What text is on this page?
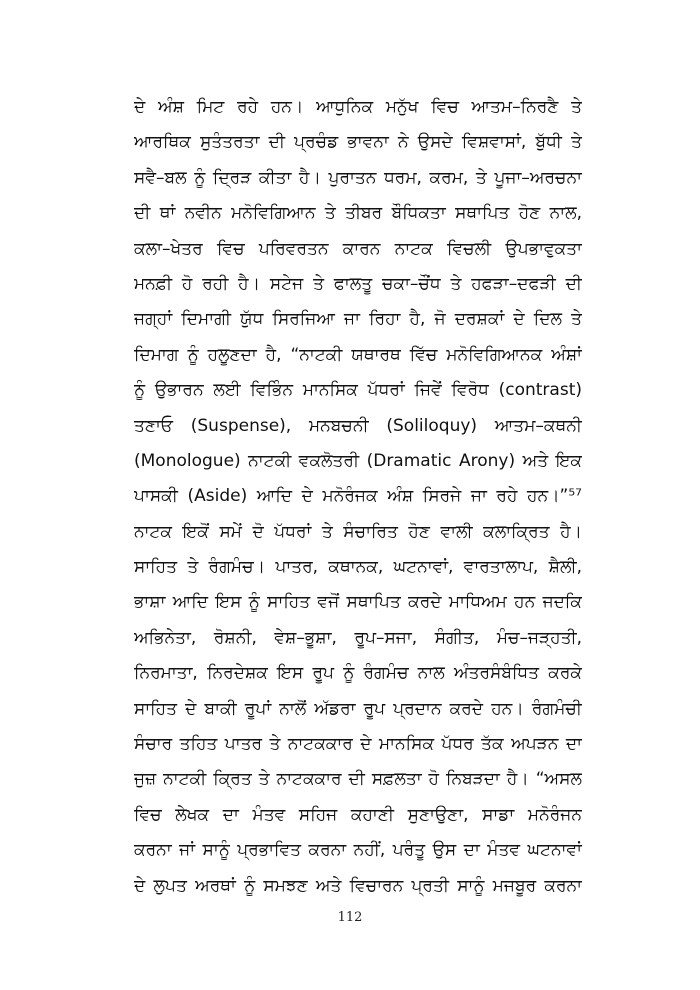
ਦੇ ਅੰਸ਼ ਮਿਟ ਰਹੇ ਹਨ। ਆਧੁਨਿਕ ਮਨੁੱਖ ਵਿਚ ਆਤਮ–ਨਿਰਣੈ ਤੇ
ਆਰਥਿਕ ਸੁਤੰਤਰਤਾ ਦੀ ਪ੍ਰਚੰਡ ਭਾਵਨਾ ਨੇ ਉਸਦੇ ਵਿਸ਼ਵਾਸਾਂ, ਬੁੱਧੀ ਤੇ
ਸਵੈ–ਬਲ ਨੂੰ ਦ੍ਰਿੜ ਕੀਤਾ ਹੈ। ਪੁਰਾਤਨ ਧਰਮ, ਕਰਮ, ਤੇ ਪੂਜਾ–ਅਰਚਨਾ
ਦੀ ਥਾਂ ਨਵੀਨ ਮਨੋਵਿਗਿਆਨ ਤੇ ਤੀਬਰ ਬੌਧਿਕਤਾ ਸਥਾਪਿਤ ਹੋਣ ਨਾਲ,
ਕਲਾ–ਖੇਤਰ ਵਿਚ ਪਰਿਵਰਤਨ ਕਾਰਨ ਨਾਟਕ ਵਿਚਲੀ ਉਪਭਾਵੁਕਤਾ
ਮਨਫ਼ੀ ਹੋ ਰਹੀ ਹੈ। ਸਟੇਜ ਤੇ ਫਾਲਤੂ ਚਕਾ–ਚੌਂਧ ਤੇ ਹਫੜਾ–ਦਫੜੀ ਦੀ
ਜਗ੍ਹਾਂ ਦਿਮਾਗੀ ਯੁੱਧ ਸਿਰਜਿਆ ਜਾ ਰਿਹਾ ਹੈ, ਜੋ ਦਰਸ਼ਕਾਂ ਦੇ ਦਿਲ ਤੇ
ਦਿਮਾਗ ਨੂੰ ਹਲੂਣਦਾ ਹੈ, “ਨਾਟਕੀ ਯਥਾਰਥ ਵਿੱਚ ਮਨੋਵਿਗਿਆਨਕ ਅੰਸ਼ਾਂ
ਨੂੰ ਉਭਾਰਨ ਲਈ ਵਿਭਿੰਨ ਮਾਨਸਿਕ ਪੱਧਰਾਂ ਜਿਵੇਂ ਵਿਰੋਧ (contrast)
ਤਣਾਓ (Suspense), ਮਨਬਚਨੀ (Soliloquy) ਆਤਮ–ਕਥਨੀ
(Monologue) ਨਾਟਕੀ ਵਕਲੋਤਰੀ (Dramatic Arony) ਅਤੇ ਇਕ
ਪਾਸਕੀ (Aside) ਆਦਿ ਦੇ ਮਨੋਰੰਜਕ ਅੰਸ਼ ਸਿਰਜੇ ਜਾ ਰਹੇ ਹਨ।”⁵⁷
ਨਾਟਕ ਇਕੋਂ ਸਮੇਂ ਦੋ ਪੱਧਰਾਂ ਤੇ ਸੰਚਾਰਿਤ ਹੋਣ ਵਾਲੀ ਕਲਾਕ੍ਰਿਤ ਹੈ।
ਸਾਹਿਤ ਤੇ ਰੰਗਮੰਚ। ਪਾਤਰ, ਕਥਾਨਕ, ਘਟਨਾਵਾਂ, ਵਾਰਤਾਲਾਪ, ਸ਼ੈਲੀ,
ਭਾਸ਼ਾ ਆਦਿ ਇਸ ਨੂੰ ਸਾਹਿਤ ਵਜੋਂ ਸਥਾਪਿਤ ਕਰਦੇ ਮਾਧਿਅਮ ਹਨ ਜਦਕਿ
ਅਭਿਨੇਤਾ, ਰੋਸ਼ਨੀ, ਵੇਸ਼–ਭੂਸ਼ਾ, ਰੂਪ–ਸਜਾ, ਸੰਗੀਤ, ਮੰਚ–ਜੜ੍ਹਤੀ,
ਨਿਰਮਾਤਾ, ਨਿਰਦੇਸ਼ਕ ਇਸ ਰੂਪ ਨੂੰ ਰੰਗਮੰਚ ਨਾਲ ਅੰਤਰਸੰਬੰਧਿਤ ਕਰਕੇ
ਸਾਹਿਤ ਦੇ ਬਾਕੀ ਰੂਪਾਂ ਨਾਲੋਂ ਅੱਡਰਾ ਰੂਪ ਪ੍ਰਦਾਨ ਕਰਦੇ ਹਨ। ਰੰਗਮੰਚੀ
ਸੰਚਾਰ ਤਹਿਤ ਪਾਤਰ ਤੇ ਨਾਟਕਕਾਰ ਦੇ ਮਾਨਸਿਕ ਪੱਧਰ ਤੱਕ ਅਪੜਨ ਦਾ
ਜੁਜ਼ ਨਾਟਕੀ ਕ੍ਰਿਤ ਤੇ ਨਾਟਕਕਾਰ ਦੀ ਸਫ਼ਲਤਾ ਹੋ ਨਿਬੜਦਾ ਹੈ। “ਅਸਲ
ਵਿਚ ਲੇਖਕ ਦਾ ਮੰਤਵ ਸਹਿਜ ਕਹਾਣੀ ਸੁਣਾਉਣਾ, ਸਾਡਾ ਮਨੋਰੰਜਨ
ਕਰਨਾ ਜਾਂ ਸਾਨੂੰ ਪ੍ਰਭਾਵਿਤ ਕਰਨਾ ਨਹੀਂ, ਪਰੰਤੂ ਉਸ ਦਾ ਮੰਤਵ ਘਟਨਾਵਾਂ
ਦੇ ਲੁਪਤ ਅਰਥਾਂ ਨੂੰ ਸਮਝਣ ਅਤੇ ਵਿਚਾਰਨ ਪ੍ਰਤੀ ਸਾਨੂੰ ਮਜਬੂਰ ਕਰਨਾ
112
